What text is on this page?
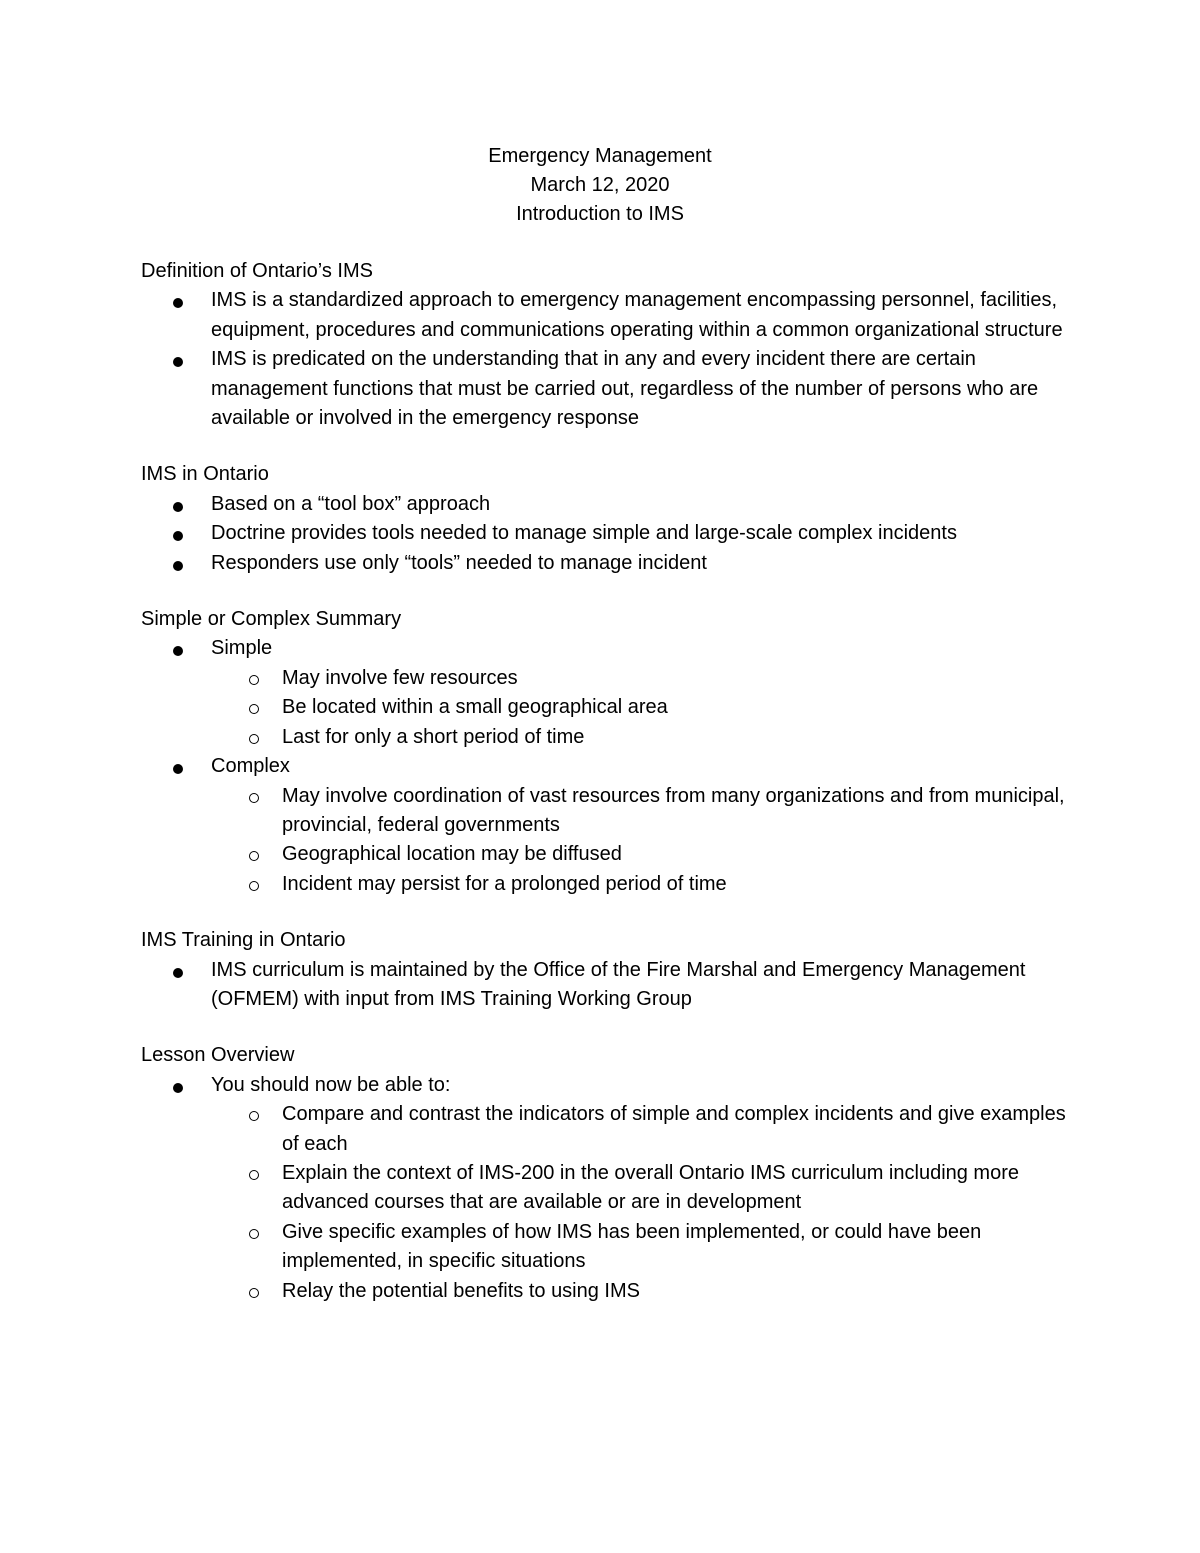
Emergency Management
March 12, 2020
Introduction to IMS
Definition of Ontario’s IMS
IMS is a standardized approach to emergency management encompassing personnel, facilities, equipment, procedures and communications operating within a common organizational structure
IMS is predicated on the understanding that in any and every incident there are certain management functions that must be carried out, regardless of the number of persons who are available or involved in the emergency response
IMS in Ontario
Based on a “tool box” approach
Doctrine provides tools needed to manage simple and large-scale complex incidents
Responders use only “tools” needed to manage incident
Simple or Complex Summary
Simple
May involve few resources
Be located within a small geographical area
Last for only a short period of time
Complex
May involve coordination of vast resources from many organizations and from municipal, provincial, federal governments
Geographical location may be diffused
Incident may persist for a prolonged period of time
IMS Training in Ontario
IMS curriculum is maintained by the Office of the Fire Marshal and Emergency Management (OFMEM) with input from IMS Training Working Group
Lesson Overview
You should now be able to:
Compare and contrast the indicators of simple and complex incidents and give examples of each
Explain the context of IMS-200 in the overall Ontario IMS curriculum including more advanced courses that are available or are in development
Give specific examples of how IMS has been implemented, or could have been implemented, in specific situations
Relay the potential benefits to using IMS
